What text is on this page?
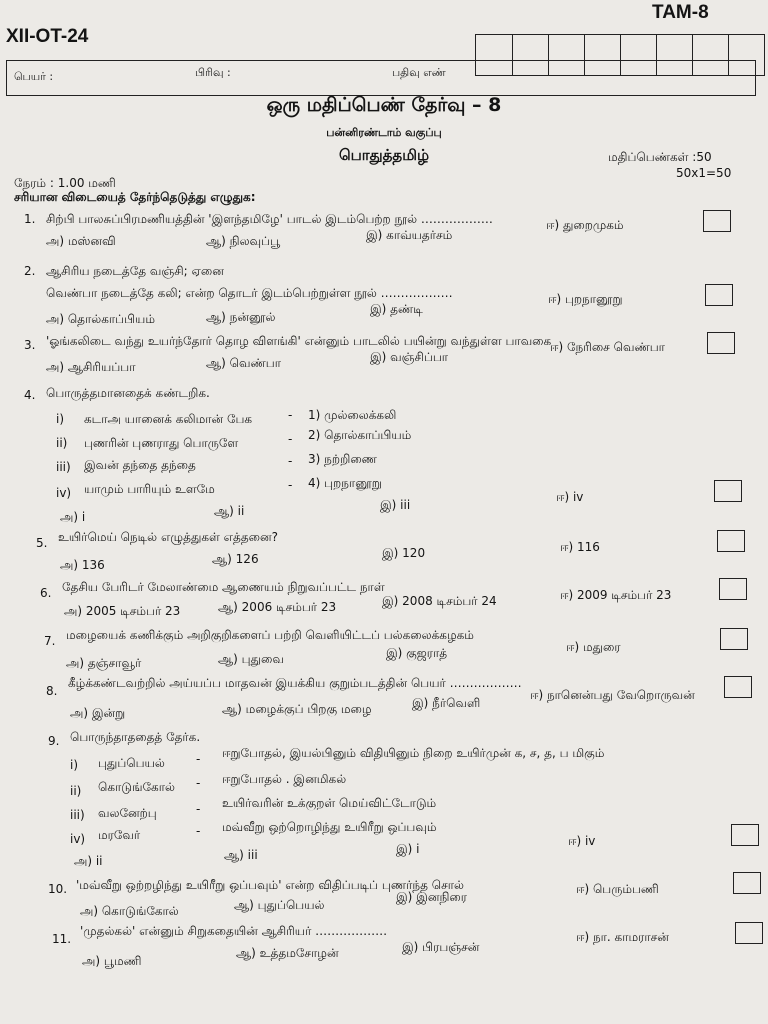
TAM-8
XII-OT-24
பெயர் :	பிரிவு :	பதிவு எண்
ஒரு மதிப்பெண் தேர்வு – 8
பன்னிரண்டாம் வகுப்பு
பொதுத்தமிழ்	மதிப்பெண்கள் :50
50x1=50
நேரம் : 1.00 மணி
சரியான விடையைத் தேர்ந்தெடுத்து எழுதுக:
1. சிற்பி பாலசுப்பிரமணியத்தின் 'இளந்தமிழே' பாடல் இடம்பெற்ற நூல் ………………
அ) மஸ்னவி	ஆ) நிலவுப்பூ	இ) காவ்யதர்சம்
ஈ) துறைமுகம்
2. ஆசிரிய நடைத்தே வஞ்சி; ஏனை
வெண்பா நடைத்தே கலி; என்ற தொடர் இடம்பெற்றுள்ள நூல் ………………
அ) தொல்காப்பியம்	ஆ) நன்னூல்
இ) தண்டி
ஈ) புறநானூறு
3. 'ஓங்கலிடை வந்து உயர்ந்தோர் தொழ விளங்கி' என்னும் பாடலில் பயின்று வந்துள்ள பாவகை
அ) ஆசிரியப்பா	ஆ) வெண்பா	இ) வஞ்சிப்பா
ஈ) நேரிசை வெண்பா
4. பொருத்தமானதைக் கண்டறிக.
i) கடாஅ யானைக் கலிமான் பேக	- 1) முல்லைக்கலி
ii) புணரின் புணராது பொருளே	- 2) தொல்காப்பியம்
iii) இவன் தந்தை தந்தை	- 3) நற்றிணை
iv) யாமும் பாரியும் உளமே	- 4) புறநானூறு
அ) i	ஆ) ii	இ) iii
ஈ) iv
5. உயிர்மெய் நெடில் எழுத்துகள் எத்தனை?
அ) 136	ஆ) 126	இ) 120	ஈ) 116
6. தேசிய பேரிடர் மேலாண்மை ஆணையம் நிறுவப்பட்ட நாள்
அ) 2005 டிசம்பர் 23	ஆ) 2006 டிசம்பர் 23	இ) 2008 டிசம்பர் 24	ஈ) 2009 டிசம்பர் 23
7. மழையைக் கணிக்கும் அறிகுறிகளைப் பற்றி வெளியிட்டப் பல்கலைக்கழகம்
அ) தஞ்சாவூர்	ஆ) புதுவை	இ) குஜராத்	ஈ) மதுரை
8.
கீழ்க்கண்டவற்றில் அய்யப்ப மாதவன் இயக்கிய குறும்படத்தின் பெயர் ………………
அ) இன்று	ஆ) மழைக்குப் பிறகு மழை	இ) நீர்வெளி
ஈ) நானென்பது வேறொருவன்
9. பொருந்தாததைத் தேர்க.
i) புதுப்பெயல்	- ஈறுபோதல், இயல்பினும் விதியினும் நிறை உயிர்முன் க, ச, த, ப மிகும்
ii) கொடுங்கோல் - ஈறுபோதல் . இனமிகல்
iii) வலனேற்பு	- உயிர்வரின் உக்குறள் மெய்விட்டோடும்
iv) மரவேர்	- மவ்வீறு ஒற்றொழிந்து உயிரீறு ஒப்பவும்
அ) ii	ஆ) iii	இ) i
ஈ) iv
10. 'மவ்வீறு ஒற்றழிந்து உயிரீறு ஒப்பவும்' என்ற விதிப்படிப் புணர்ந்த சொல்
அ) கொடுங்கோல்	ஆ) புதுப்பெயல்
இ) இனநிரை
ஈ) பெரும்பணி
11.
'முதல்கல்' என்னும் சிறுகதையின் ஆசிரியர் ………………
அ) பூமணி
ஆ) உத்தமசோழன்	இ) பிரபஞ்சன்
ஈ) நா. காமராசன்
